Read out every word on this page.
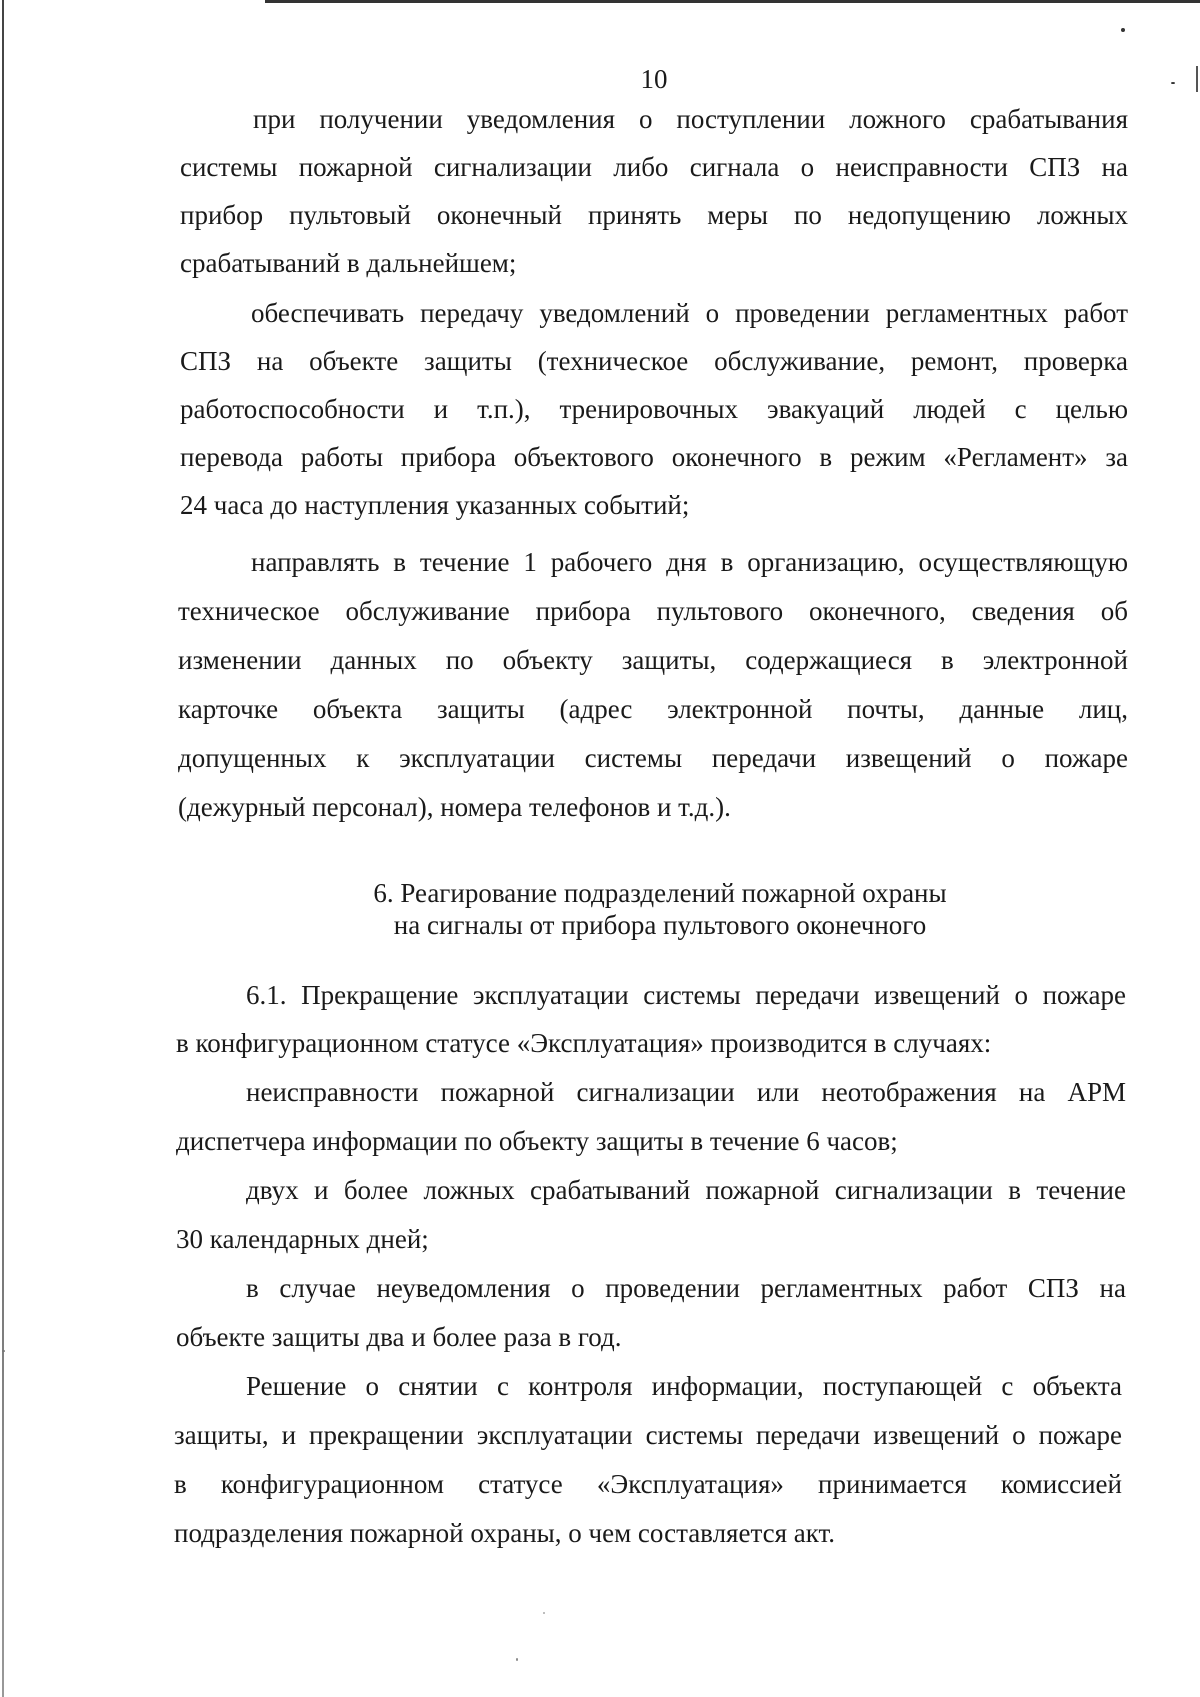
10
при получении уведомления о поступлении ложного срабатывания
системы пожарной сигнализации либо сигнала о неисправности СПЗ на
прибор пультовый оконечный принять меры по недопущению ложных
срабатываний в дальнейшем;
обеспечивать передачу уведомлений о проведении регламентных работ
СПЗ на объекте защиты (техническое обслуживание, ремонт, проверка
работоспособности и т.п.), тренировочных эвакуаций людей с целью
перевода работы прибора объектового оконечного в режим «Регламент» за
24 часа до наступления указанных событий;
направлять в течение 1 рабочего дня в организацию, осуществляющую
техническое обслуживание прибора пультового оконечного, сведения об
изменении данных по объекту защиты, содержащиеся в электронной
карточке объекта защиты (адрес электронной почты, данные лиц,
допущенных к эксплуатации системы передачи извещений о пожаре
(дежурный персонал), номера телефонов и т.д.).
6. Реагирование подразделений пожарной охраны
на сигналы от прибора пультового оконечного
6.1. Прекращение эксплуатации системы передачи извещений о пожаре
в конфигурационном статусе «Эксплуатация» производится в случаях:
неисправности пожарной сигнализации или неотображения на АРМ
диспетчера информации по объекту защиты в течение 6 часов;
двух и более ложных срабатываний пожарной сигнализации в течение
30 календарных дней;
в случае неуведомления о проведении регламентных работ СПЗ на
объекте защиты два и более раза в год.
Решение о снятии с контроля информации, поступающей с объекта
защиты, и прекращении эксплуатации системы передачи извещений о пожаре
в конфигурационном статусе «Эксплуатация» принимается комиссией
подразделения пожарной охраны, о чем составляется акт.
